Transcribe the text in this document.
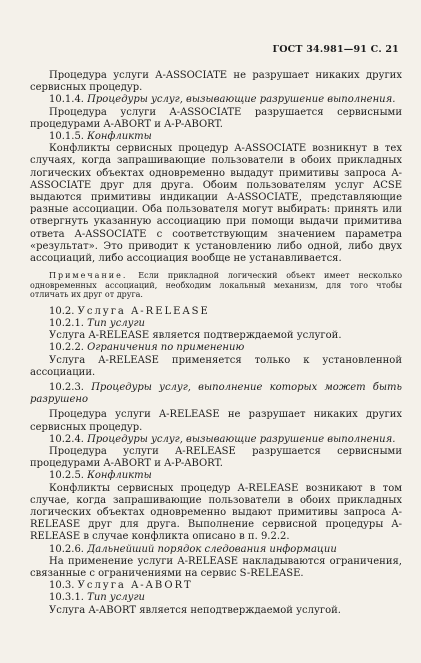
ГОСТ 34.981—91 С. 21

Процедура услуги A-ASSOCIATE не разрушает никаких других сервисных процедур.

10.1.4. Процедуры услуг, вызывающие разрушение выполнения.

Процедура услуги A-ASSOCIATE разрушается сервисными процедурами A-ABORT и A-P-ABORT.

10.1.5. Конфликты

Конфликты сервисных процедур A-ASSOCIATE возникнут в тех случаях, когда запрашивающие пользователи в обоих прикладных логических объектах одновременно выдадут примитивы запроса A-ASSOCIATE друг для друга. Обоим пользователям услуг ACSE выдаются примитивы индикации A-ASSOCIATE, представляющие разные ассоциации. Оба пользователя могут выбирать: принять или отвергнуть указанную ассоциацию при помощи выдачи примитива ответа A-ASSOCIATE с соответствующим значением параметра «результат». Это приводит к установлению либо одной, либо двух ассоциаций, либо ассоциация вообще не устанавливается.

Примечание. Если прикладной логический объект имеет несколько одновременных ассоциаций, необходим локальный механизм, для того чтобы отличать их друг от друга.

10.2. Услуга A-RELEASE

10.2.1. Тип услуги

Услуга A-RELEASE является подтверждаемой услугой.

10.2.2. Ограничения по применению

Услуга A-RELEASE применяется только к установленной ассоциации.

10.2.3. Процедуры услуг, выполнение которых может быть разрушено

Процедура услуги A-RELEASE не разрушает никаких других сервисных процедур.

10.2.4. Процедуры услуг, вызывающие разрушение выполнения.

Процедура услуги A-RELEASE разрушается сервисными процедурами A-ABORT и A-P-ABORT.

10.2.5. Конфликты

Конфликты сервисных процедур A-RELEASE возникают в том случае, когда запрашивающие пользователи в обоих прикладных логических объектах одновременно выдают примитивы запроса A-RELEASE друг для друга. Выполнение сервисной процедуры A-RELEASE в случае конфликта описано в п. 9.2.2.

10.2.6. Дальнейший порядок следования информации

На применение услуги A-RELEASE накладываются ограничения, связанные с ограничениями на сервис S-RELEASE.

10.3. Услуга A-ABORT

10.3.1. Тип услуги

Услуга A-ABORT является неподтверждаемой услугой.
